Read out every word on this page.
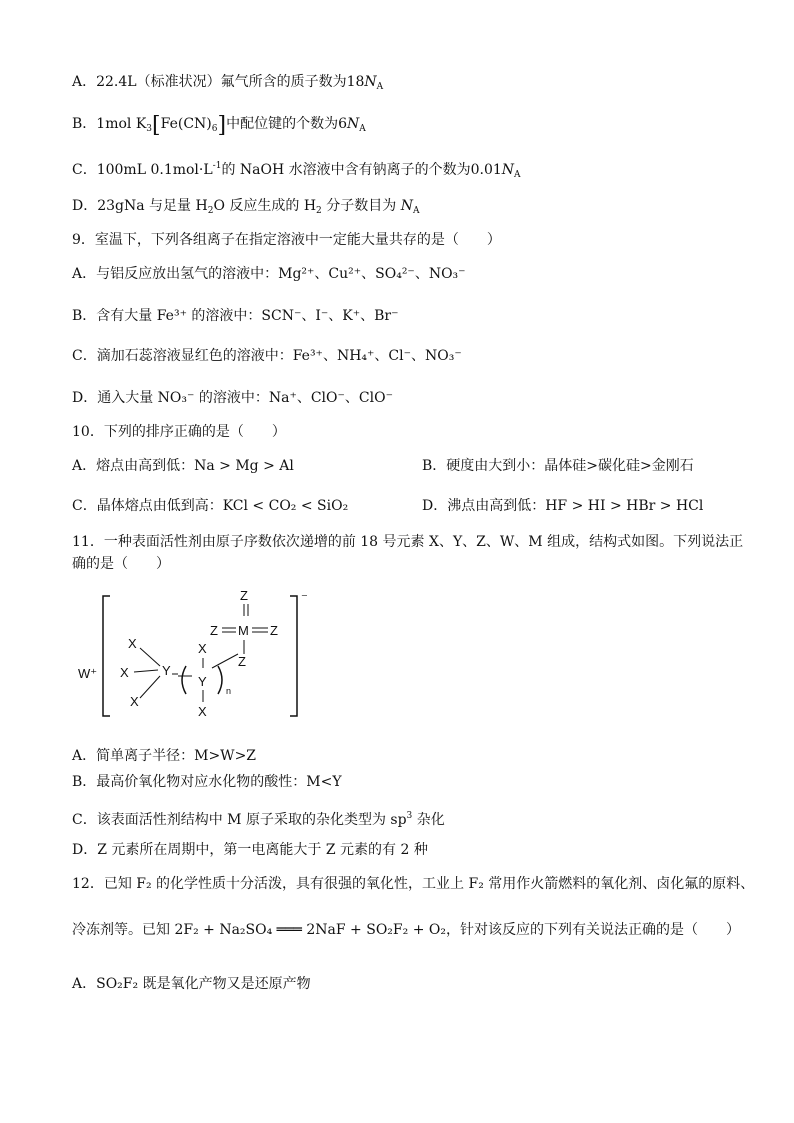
A．22.4L（标准状况）氟气所含的质子数为$18N_A$
B．1mol $K_3[Fe(CN)_6]$中配位键的个数为$6N_A$
C．100mL $0.1mol\cdot L^{-1}$的 NaOH 水溶液中含有钠离子的个数为$0.01N_A$
D．23gNa 与足量 $H_2O$ 反应生成的 $H_2$ 分子数目为 $N_A$
9．室温下，下列各组离子在指定溶液中一定能大量共存的是（　　）
A．与铝反应放出氢气的溶液中：Mg²⁺、Cu²⁺、SO₄²⁻、NO₃⁻
B．含有大量 Fe³⁺ 的溶液中：SCN⁻、I⁻、K⁺、Br⁻
C．滴加石蕊溶液显红色的溶液中：Fe³⁺、NH₄⁺、Cl⁻、NO₃⁻
D．通入大量 NO₃⁻ 的溶液中：Na⁺、ClO⁻、ClO⁻
10．下列的排序正确的是（　　）
A．熔点由高到低：Na > Mg > Al	B．硬度由大到小：晶体硅>碳化硅>金刚石
C．晶体熔点由低到高：KCl < CO₂ < SiO₂	D．沸点由高到低：HF > HI > HBr > HCl
11．一种表面活性剂由原子序数依次递增的前 18 号元素 X、Y、Z、W、M 组成，结构式如图。下列说法正
确的是（　　）
W⁺
⁻
X
X
X
Y
X
Y
X
n
Z
M
Z	Z
Z
A．简单离子半径：M>W>Z
B．最高价氧化物对应水化物的酸性：M<Y
C．该表面活性剂结构中 M 原子采取的杂化类型为 $sp^3$ 杂化
D．Z 元素所在周期中，第一电离能大于 Z 元素的有 2 种
12．已知 F₂ 的化学性质十分活泼，具有很强的氧化性，工业上 F₂ 常用作火箭燃料的氧化剂、卤化氟的原料、
冷冻剂等。已知 2F₂ + Na₂SO₄ ═══ 2NaF + SO₂F₂ + O₂，针对该反应的下列有关说法正确的是（　　）
A．SO₂F₂ 既是氧化产物又是还原产物
